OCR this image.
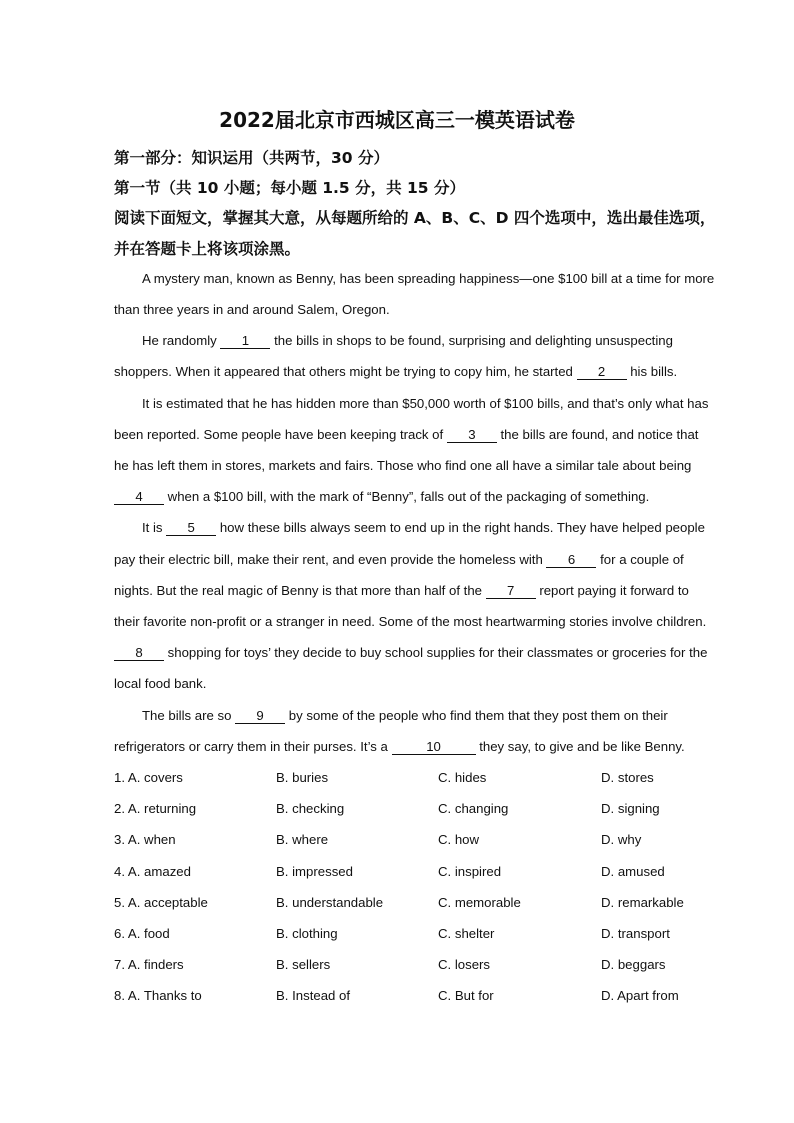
2022届北京市西城区高三一模英语试卷
第一部分：知识运用（共两节，30 分）
第一节（共 10 小题；每小题 1.5 分，共 15 分）
阅读下面短文，掌握其大意，从每题所给的 A、B、C、D 四个选项中，选出最佳选项，
并在答题卡上将该项涂黑。
A mystery man, known as Benny, has been spreading happiness—one $100 bill at a time for more
than three years in and around Salem, Oregon.
He randomly 1 the bills in shops to be found, surprising and delighting unsuspecting
shoppers. When it appeared that others might be trying to copy him, he started 2 his bills.
It is estimated that he has hidden more than $50,000 worth of $100 bills, and that’s only what has
been reported. Some people have been keeping track of 3 the bills are found, and notice that
he has left them in stores, markets and fairs. Those who find one all have a similar tale about being
4 when a $100 bill, with the mark of “Benny”, falls out of the packaging of something.
It is 5 how these bills always seem to end up in the right hands. They have helped people
pay their electric bill, make their rent, and even provide the homeless with 6 for a couple of
nights. But the real magic of Benny is that more than half of the 7 report paying it forward to
their favorite non-profit or a stranger in need. Some of the most heartwarming stories involve children.
8 shopping for toys’ they decide to buy school supplies for their classmates or groceries for the
local food bank.
The bills are so 9 by some of the people who find them that they post them on their
refrigerators or carry them in their purses. It’s a	10	they say, to give and be like Benny.
1. A. covers	B. buries	C. hides	D. stores
2. A. returning	B. checking	C. changing	D. signing
3. A. when	B. where	C. how	D. why
4. A. amazed	B. impressed	C. inspired	D. amused
5. A. acceptable	B. understandable	C. memorable	D. remarkable
6. A. food	B. clothing	C. shelter	D. transport
7. A. finders	B. sellers	C. losers	D. beggars
8. A. Thanks to	B. Instead of	C. But for	D. Apart from
